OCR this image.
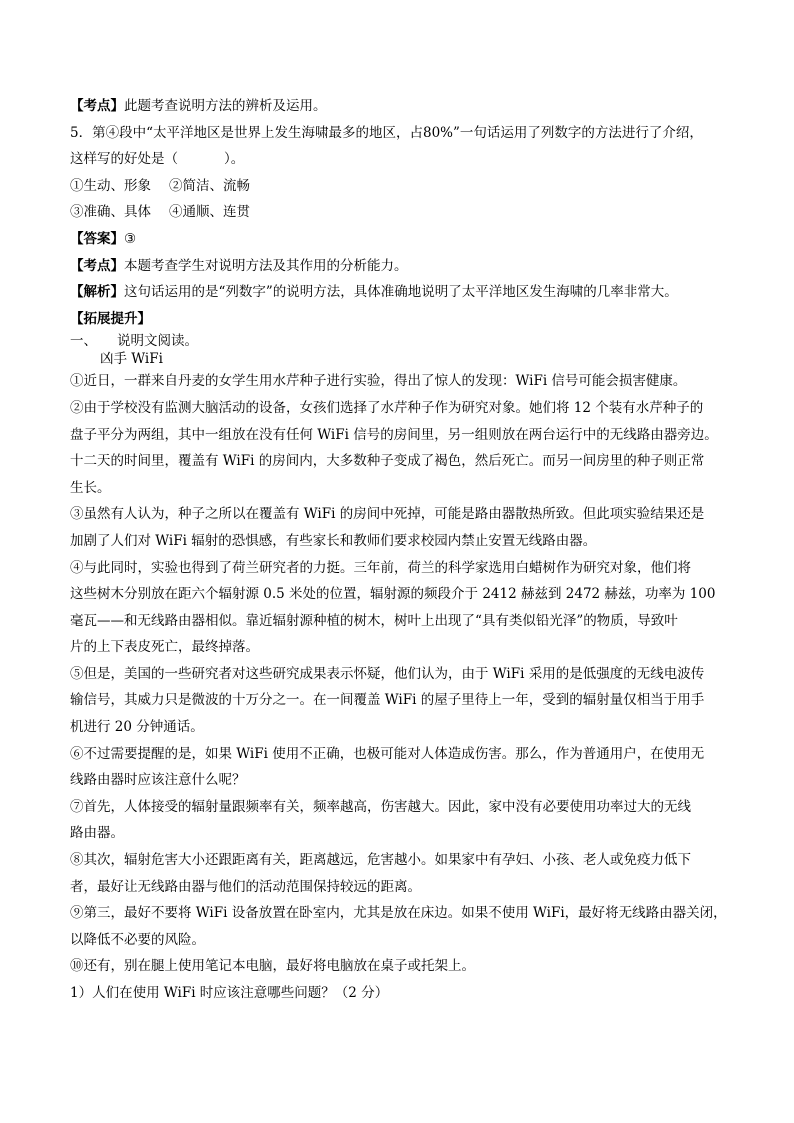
【考点】此题考查说明方法的辨析及运用。

5．第④段中“太平洋地区是世界上发生海啸最多的地区，占80%”一句话运用了列数字的方法进行了介绍，

这样写的好处是（	）。

①生动、形象 ②简洁、流畅

③准确、具体 ④通顺、连贯

【答案】③

【考点】本题考查学生对说明方法及其作用的分析能力。

【解析】这句话运用的是“列数字”的说明方法，具体准确地说明了太平洋地区发生海啸的几率非常大。

【拓展提升】

一、 说明文阅读。

凶手 WiFi

①近日，一群来自丹麦的女学生用水芹种子进行实验，得出了惊人的发现：WiFi 信号可能会损害健康。

②由于学校没有监测大脑活动的设备，女孩们选择了水芹种子作为研究对象。她们将 12 个装有水芹种子的

盘子平分为两组，其中一组放在没有任何 WiFi 信号的房间里，另一组则放在两台运行中的无线路由器旁边。

十二天的时间里，覆盖有 WiFi 的房间内，大多数种子变成了褐色，然后死亡。而另一间房里的种子则正常

生长。

③虽然有人认为，种子之所以在覆盖有 WiFi 的房间中死掉，可能是路由器散热所致。但此项实验结果还是

加剧了人们对 WiFi 辐射的恐惧感，有些家长和教师们要求校园内禁止安置无线路由器。

④与此同时，实验也得到了荷兰研究者的力挺。三年前，荷兰的科学家选用白蜡树作为研究对象，他们将

这些树木分别放在距六个辐射源 0.5 米处的位置，辐射源的频段介于 2412 赫兹到 2472 赫兹，功率为 100

毫瓦——和无线路由器相似。靠近辐射源种植的树木，树叶上出现了“具有类似铅光泽”的物质，导致叶

片的上下表皮死亡，最终掉落。

⑤但是，美国的一些研究者对这些研究成果表示怀疑，他们认为，由于 WiFi 采用的是低强度的无线电波传

输信号，其威力只是微波的十万分之一。在一间覆盖 WiFi 的屋子里待上一年，受到的辐射量仅相当于用手

机进行 20 分钟通话。

⑥不过需要提醒的是，如果 WiFi 使用不正确，也极可能对人体造成伤害。那么，作为普通用户，在使用无

线路由器时应该注意什么呢？

⑦首先，人体接受的辐射量跟频率有关，频率越高，伤害越大。因此，家中没有必要使用功率过大的无线

路由器。

⑧其次，辐射危害大小还跟距离有关，距离越远，危害越小。如果家中有孕妇、小孩、老人或免疫力低下

者，最好让无线路由器与他们的活动范围保持较远的距离。

⑨第三，最好不要将 WiFi 设备放置在卧室内，尤其是放在床边。如果不使用 WiFi，最好将无线路由器关闭，

以降低不必要的风险。

⑩还有，别在腿上使用笔记本电脑，最好将电脑放在桌子或托架上。

1）人们在使用 WiFi 时应该注意哪些问题？（2 分）
